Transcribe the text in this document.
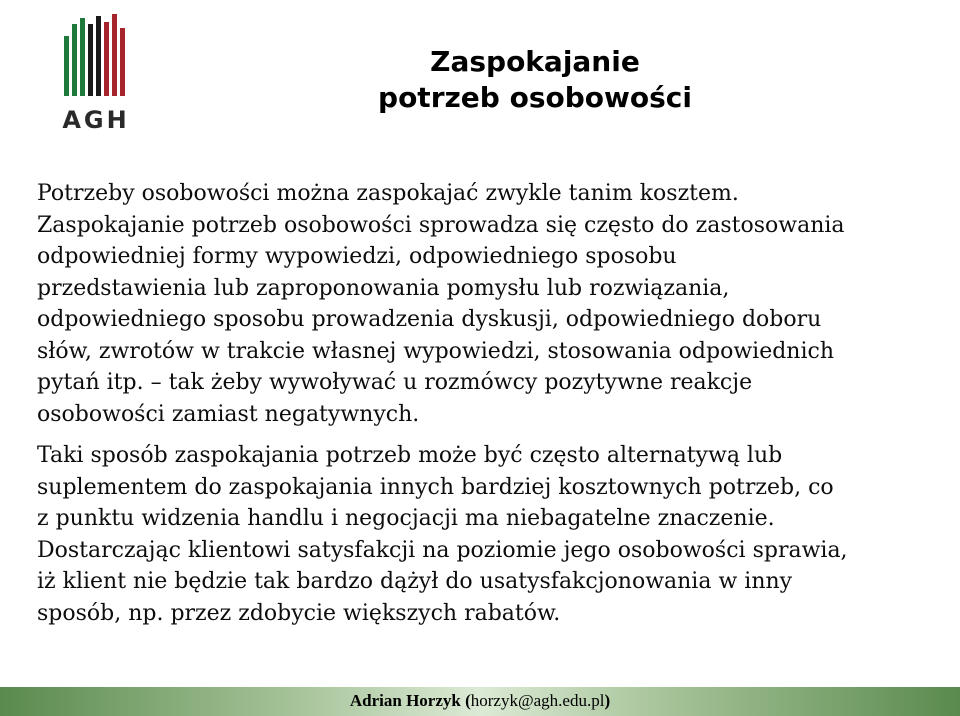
AGH
Zaspokajanie
potrzeb osobowości

Potrzeby osobowości można zaspokajać zwykle tanim kosztem.

Zaspokajanie potrzeb osobowości sprowadza się często do zastosowania

odpowiedniej formy wypowiedzi, odpowiedniego sposobu

przedstawienia lub zaproponowania pomysłu lub rozwiązania,

odpowiedniego sposobu prowadzenia dyskusji, odpowiedniego doboru

słów, zwrotów w trakcie własnej wypowiedzi, stosowania odpowiednich

pytań itp. – tak żeby wywoływać u rozmówcy pozytywne reakcje

osobowości zamiast negatywnych.

Taki sposób zaspokajania potrzeb może być często alternatywą lub

suplementem do zaspokajania innych bardziej kosztownych potrzeb, co

z punktu widzenia handlu i negocjacji ma niebagatelne znaczenie.

Dostarczając klientowi satysfakcji na poziomie jego osobowości sprawia,

iż klient nie będzie tak bardzo dążył do usatysfakcjonowania w inny

sposób, np. przez zdobycie większych rabatów.

Adrian Horzyk (horzyk@agh.edu.pl)
